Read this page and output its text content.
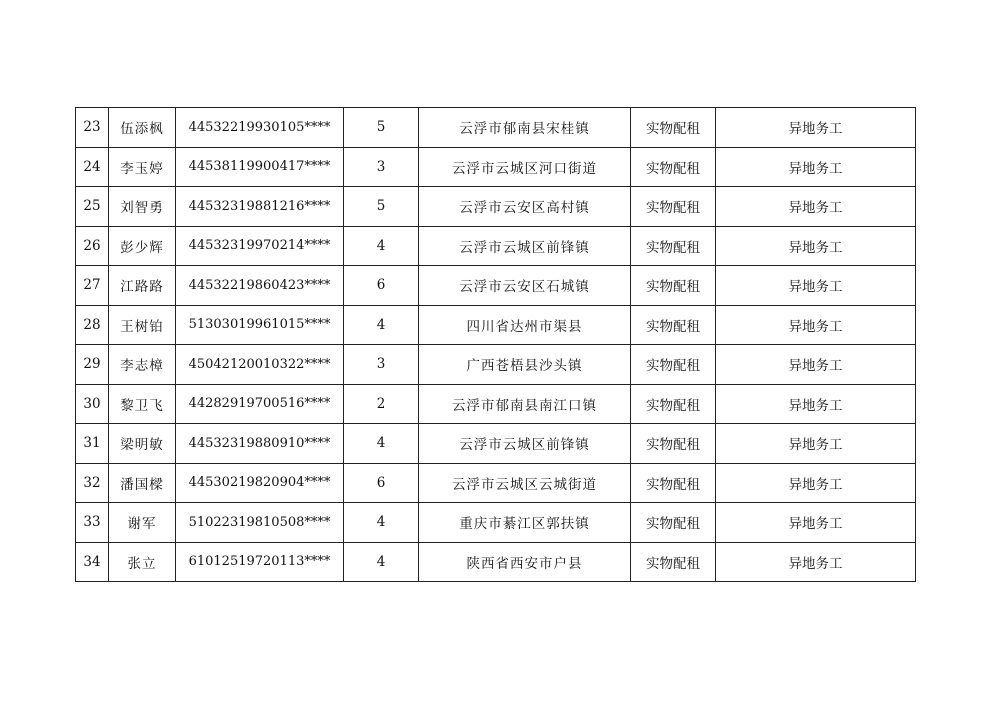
23	伍添枫	44532219930105****	5	云浮市郁南县宋桂镇	实物配租	异地务工
24	李玉婷	44538119900417****	3	云浮市云城区河口街道	实物配租	异地务工
25	刘智勇	44532319881216****	5	云浮市云安区高村镇	实物配租	异地务工
26	彭少辉	44532319970214****	4	云浮市云城区前锋镇	实物配租	异地务工
27	江路路	44532219860423****	6	云浮市云安区石城镇	实物配租	异地务工
28	王树铂	51303019961015****	4	四川省达州市渠县	实物配租	异地务工
29	李志樟	45042120010322****	3	广西苍梧县沙头镇	实物配租	异地务工
30	黎卫飞	44282919700516****	2	云浮市郁南县南江口镇	实物配租	异地务工
31	梁明敏	44532319880910****	4	云浮市云城区前锋镇	实物配租	异地务工
32	潘国樑	44530219820904****	6	云浮市云城区云城街道	实物配租	异地务工
33	谢军	51022319810508****	4	重庆市綦江区郭扶镇	实物配租	异地务工
34	张立	61012519720113****	4	陕西省西安市户县	实物配租	异地务工
